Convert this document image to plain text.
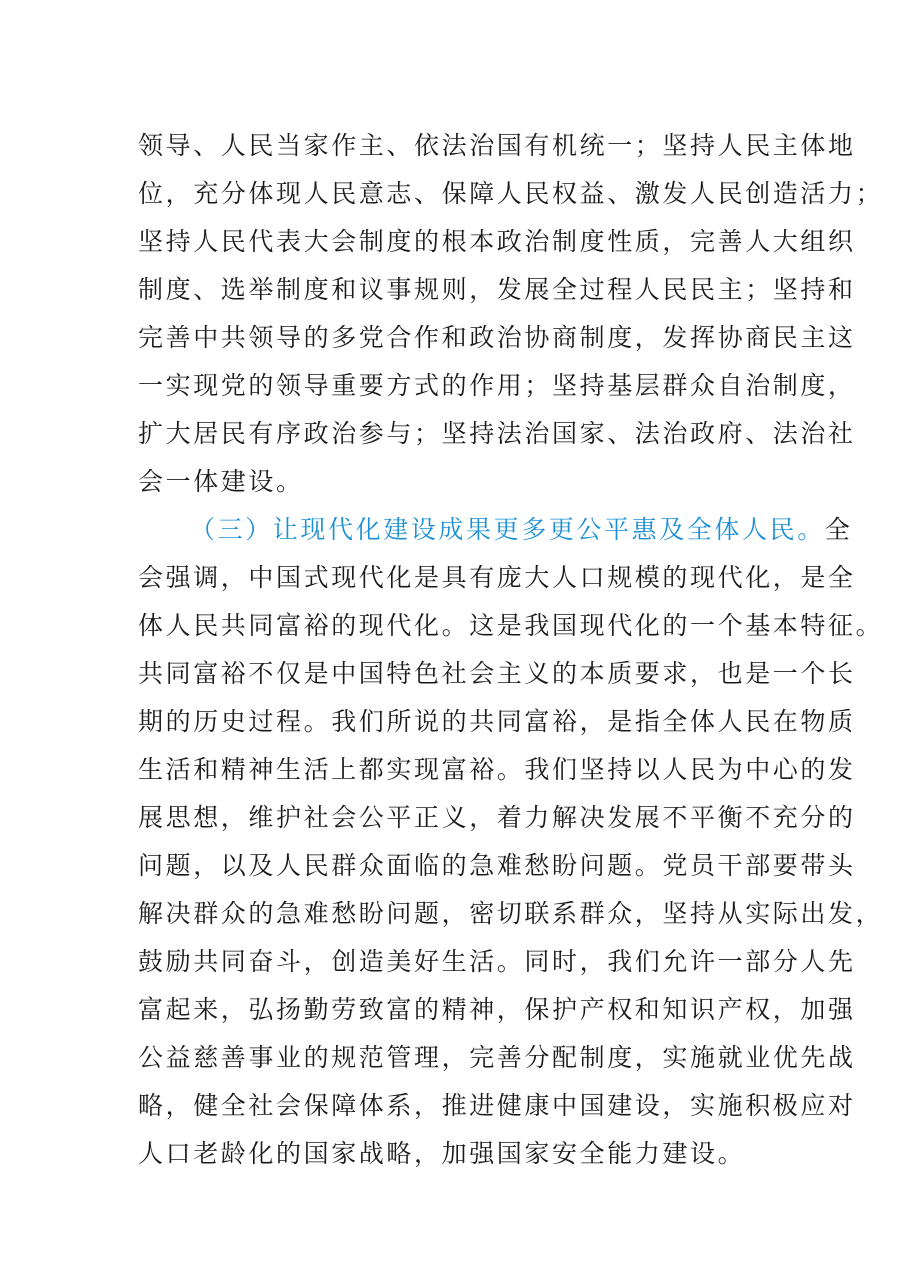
领导、人民当家作主、依法治国有机统一；坚持人民主体地
位，充分体现人民意志、保障人民权益、激发人民创造活力；
坚持人民代表大会制度的根本政治制度性质，完善人大组织
制度、选举制度和议事规则，发展全过程人民民主；坚持和
完善中共领导的多党合作和政治协商制度，发挥协商民主这
一实现党的领导重要方式的作用；坚持基层群众自治制度，
扩大居民有序政治参与；坚持法治国家、法治政府、法治社
会一体建设。
（三）让现代化建设成果更多更公平惠及全体人民。全
会强调，中国式现代化是具有庞大人口规模的现代化，是全
体人民共同富裕的现代化。这是我国现代化的一个基本特征。
共同富裕不仅是中国特色社会主义的本质要求，也是一个长
期的历史过程。我们所说的共同富裕，是指全体人民在物质
生活和精神生活上都实现富裕。我们坚持以人民为中心的发
展思想，维护社会公平正义，着力解决发展不平衡不充分的
问题，以及人民群众面临的急难愁盼问题。党员干部要带头
解决群众的急难愁盼问题，密切联系群众，坚持从实际出发，
鼓励共同奋斗，创造美好生活。同时，我们允许一部分人先
富起来，弘扬勤劳致富的精神，保护产权和知识产权，加强
公益慈善事业的规范管理，完善分配制度，实施就业优先战
略，健全社会保障体系，推进健康中国建设，实施积极应对
人口老龄化的国家战略，加强国家安全能力建设。
